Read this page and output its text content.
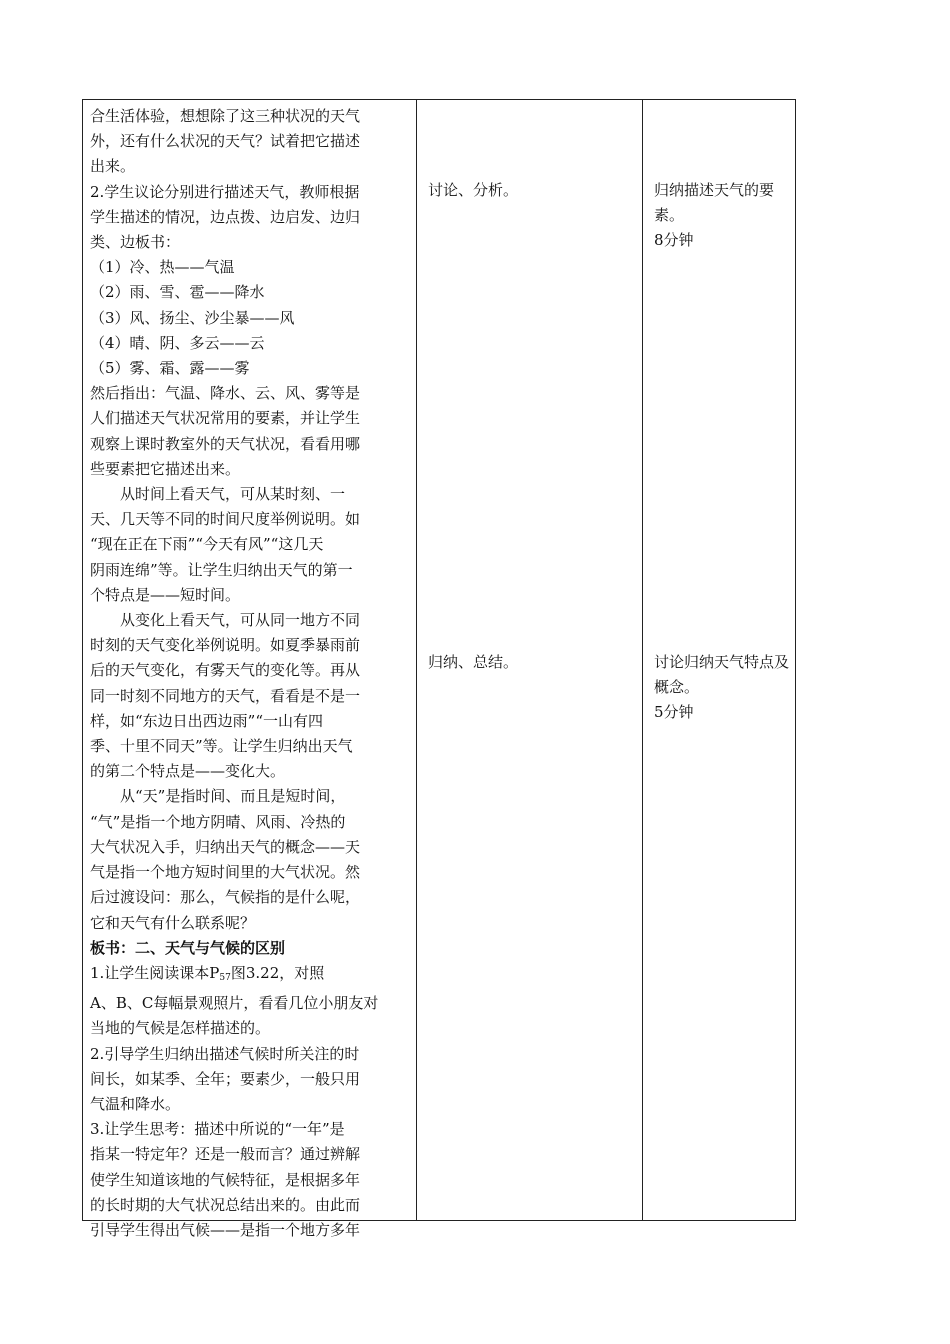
合生活体验，想想除了这三种状况的天气

外，还有什么状况的天气？试着把它描述

出来。

2.学生议论分别进行描述天气，教师根据

学生描述的情况，边点拨、边启发、边归

类、边板书：

（1）冷、热——气温

（2）雨、雪、雹——降水

（3）风、扬尘、沙尘暴——风

（4）晴、阴、多云——云

（5）雾、霜、露——雾

然后指出：气温、降水、云、风、雾等是

人们描述天气状况常用的要素，并让学生

观察上课时教室外的天气状况，看看用哪

些要素把它描述出来。

从时间上看天气，可从某时刻、一

天、几天等不同的时间尺度举例说明。如

“现在正在下雨”“今天有风”“这几天

阴雨连绵”等。让学生归纳出天气的第一

个特点是——短时间。

从变化上看天气，可从同一地方不同

时刻的天气变化举例说明。如夏季暴雨前

后的天气变化，有雾天气的变化等。再从

同一时刻不同地方的天气，看看是不是一

样，如“东边日出西边雨”“一山有四

季、十里不同天”等。让学生归纳出天气

的第二个特点是——变化大。

从“天”是指时间、而且是短时间，

“气”是指一个地方阴晴、风雨、冷热的

大气状况入手，归纳出天气的概念——天

气是指一个地方短时间里的大气状况。然

后过渡设问：那么，气候指的是什么呢，

它和天气有什么联系呢？

板书：二、天气与气候的区别

1.让学生阅读课本$P_{57}$图3.22，对照

A、B、C每幅景观照片，看看几位小朋友对

当地的气候是怎样描述的。

2.引导学生归纳出描述气候时所关注的时

间长，如某季、全年；要素少，一般只用

气温和降水。

3.让学生思考：描述中所说的“一年”是

指某一特定年？还是一般而言？通过辨解

使学生知道该地的气候特征，是根据多年

的长时期的大气状况总结出来的。由此而

引导学生得出气候——是指一个地方多年

讨论、分析。

归纳、总结。

归纳描述天气的要素。

8分钟

讨论归纳天气特点及概念。

5分钟
